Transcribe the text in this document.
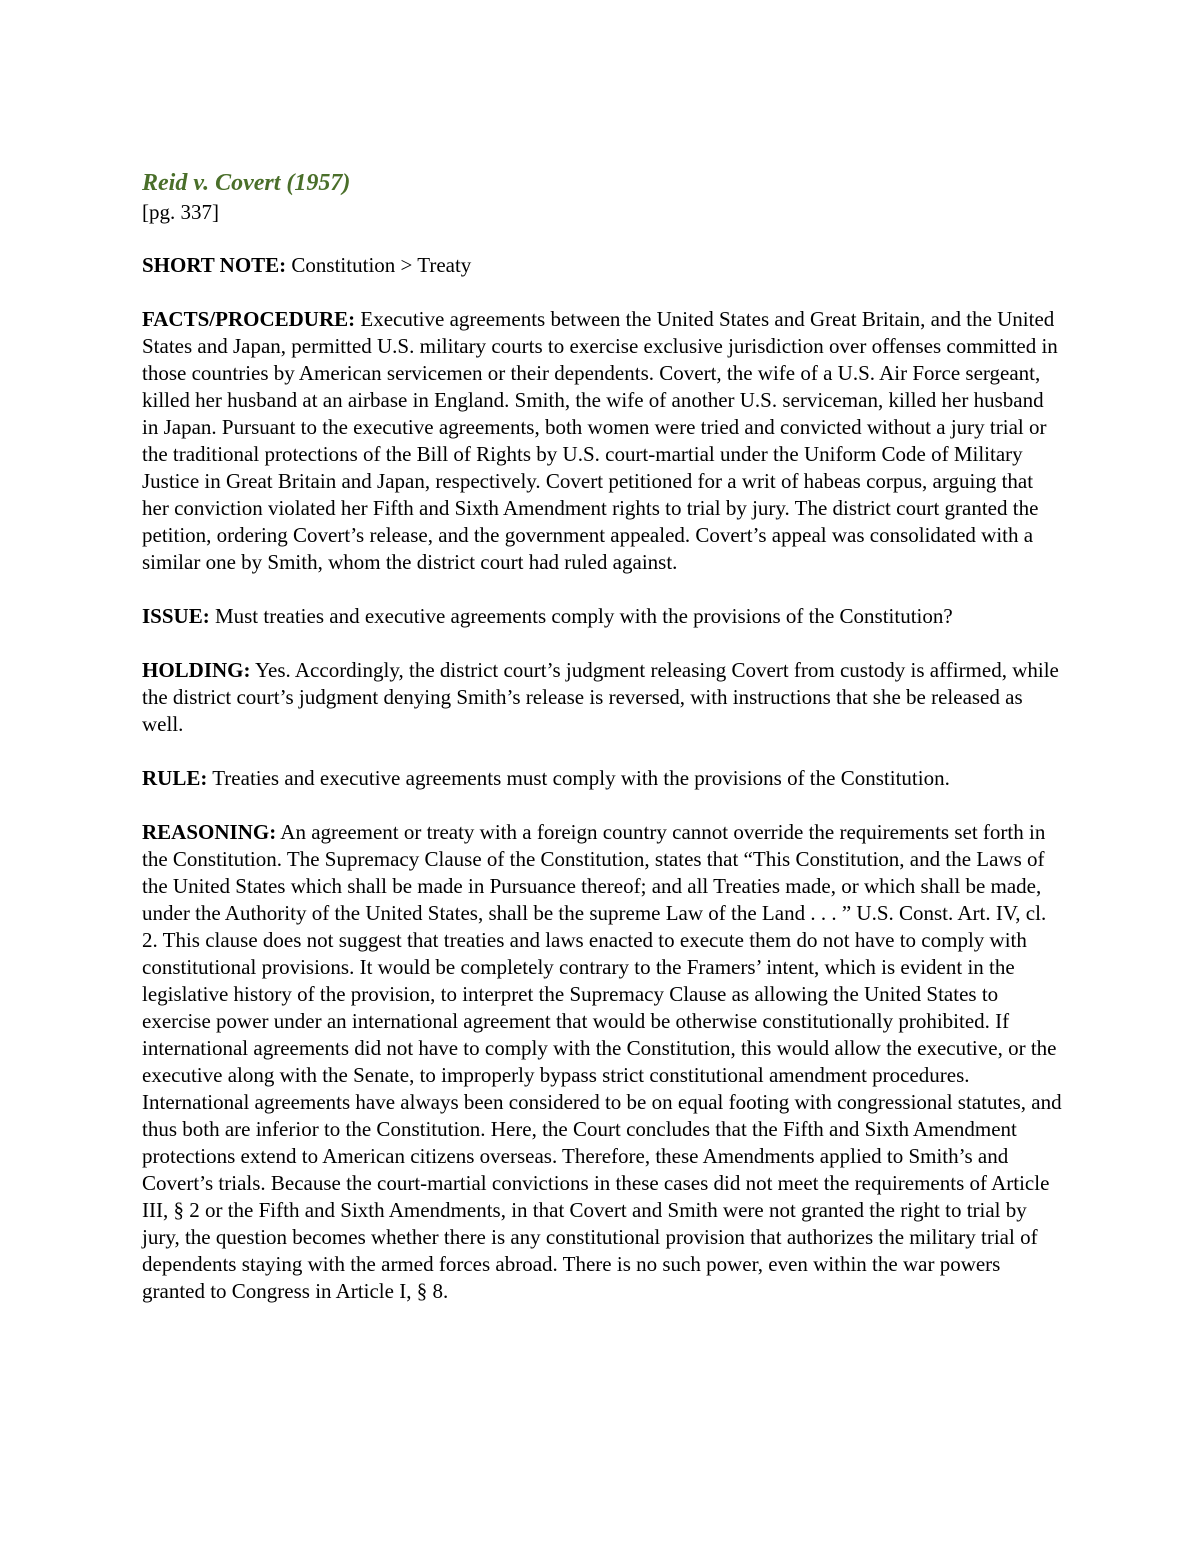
Reid v. Covert (1957)
[pg. 337]

SHORT NOTE: Constitution > Treaty

FACTS/PROCEDURE: Executive agreements between the United States and Great Britain, and the United States and Japan, permitted U.S. military courts to exercise exclusive jurisdiction over offenses committed in those countries by American servicemen or their dependents. Covert, the wife of a U.S. Air Force sergeant, killed her husband at an airbase in England. Smith, the wife of another U.S. serviceman, killed her husband in Japan. Pursuant to the executive agreements, both women were tried and convicted without a jury trial or the traditional protections of the Bill of Rights by U.S. court-martial under the Uniform Code of Military Justice in Great Britain and Japan, respectively. Covert petitioned for a writ of habeas corpus, arguing that her conviction violated her Fifth and Sixth Amendment rights to trial by jury. The district court granted the petition, ordering Covert’s release, and the government appealed. Covert’s appeal was consolidated with a similar one by Smith, whom the district court had ruled against.

ISSUE: Must treaties and executive agreements comply with the provisions of the Constitution?

HOLDING: Yes. Accordingly, the district court’s judgment releasing Covert from custody is affirmed, while the district court’s judgment denying Smith’s release is reversed, with instructions that she be released as well.

RULE: Treaties and executive agreements must comply with the provisions of the Constitution.

REASONING: An agreement or treaty with a foreign country cannot override the requirements set forth in the Constitution. The Supremacy Clause of the Constitution, states that “This Constitution, and the Laws of the United States which shall be made in Pursuance thereof; and all Treaties made, or which shall be made, under the Authority of the United States, shall be the supreme Law of the Land . . . ” U.S. Const. Art. IV, cl. 2. This clause does not suggest that treaties and laws enacted to execute them do not have to comply with constitutional provisions. It would be completely contrary to the Framers’ intent, which is evident in the legislative history of the provision, to interpret the Supremacy Clause as allowing the United States to exercise power under an international agreement that would be otherwise constitutionally prohibited. If international agreements did not have to comply with the Constitution, this would allow the executive, or the executive along with the Senate, to improperly bypass strict constitutional amendment procedures. International agreements have always been considered to be on equal footing with congressional statutes, and thus both are inferior to the Constitution. Here, the Court concludes that the Fifth and Sixth Amendment protections extend to American citizens overseas. Therefore, these Amendments applied to Smith’s and Covert’s trials. Because the court-martial convictions in these cases did not meet the requirements of Article III, § 2 or the Fifth and Sixth Amendments, in that Covert and Smith were not granted the right to trial by jury, the question becomes whether there is any constitutional provision that authorizes the military trial of dependents staying with the armed forces abroad. There is no such power, even within the war powers granted to Congress in Article I, § 8.
